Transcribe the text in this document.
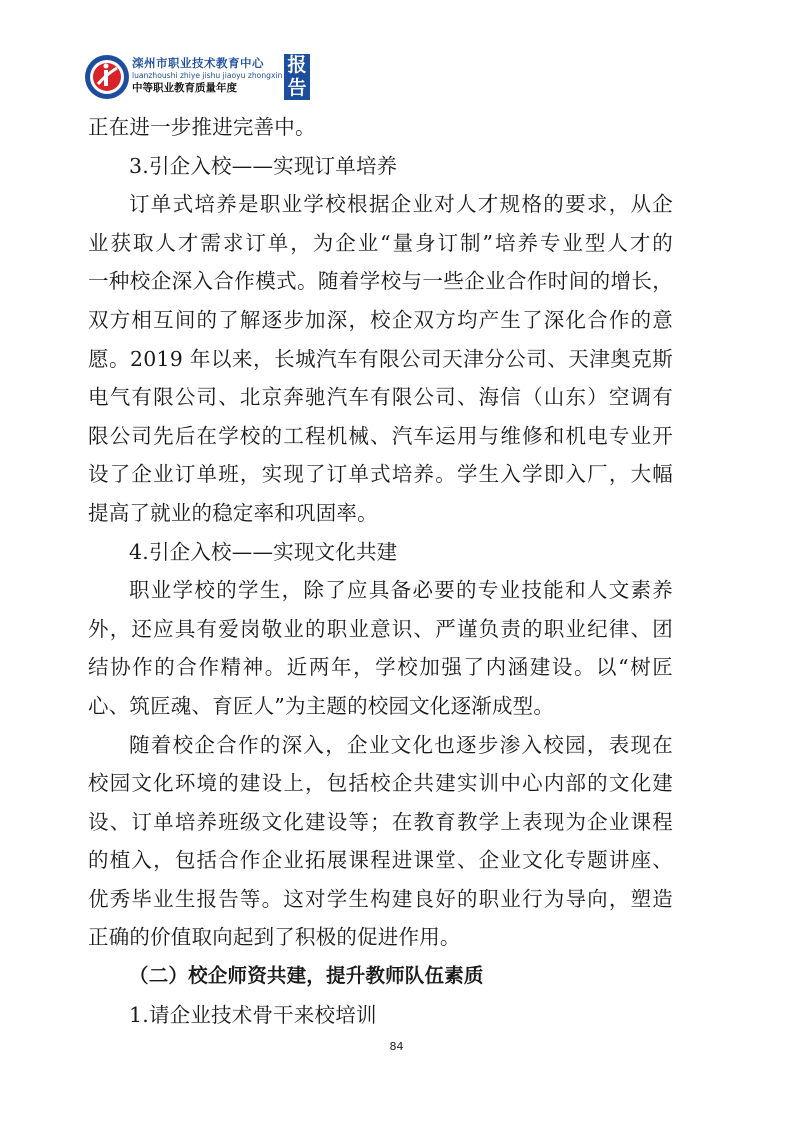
滦州市职业技术教育中心
luanzhoushi zhiye jishu jiaoyu zhongxin
中等职业教育质量年度
报
告
正在进一步推进完善中。
3.引企入校——实现订单培养
订单式培养是职业学校根据企业对人才规格的要求，从企
业获取人才需求订单，为企业“量身订制”培养专业型人才的
一种校企深入合作模式。随着学校与一些企业合作时间的增长，
双方相互间的了解逐步加深，校企双方均产生了深化合作的意
愿。2019 年以来，长城汽车有限公司天津分公司、天津奥克斯
电气有限公司、北京奔驰汽车有限公司、海信（山东）空调有
限公司先后在学校的工程机械、汽车运用与维修和机电专业开
设了企业订单班，实现了订单式培养。学生入学即入厂，大幅
提高了就业的稳定率和巩固率。
4.引企入校——实现文化共建
职业学校的学生，除了应具备必要的专业技能和人文素养
外，还应具有爱岗敬业的职业意识、严谨负责的职业纪律、团
结协作的合作精神。近两年，学校加强了内涵建设。以“树匠
心、筑匠魂、育匠人”为主题的校园文化逐渐成型。
随着校企合作的深入，企业文化也逐步渗入校园，表现在
校园文化环境的建设上，包括校企共建实训中心内部的文化建
设、订单培养班级文化建设等；在教育教学上表现为企业课程
的植入，包括合作企业拓展课程进课堂、企业文化专题讲座、
优秀毕业生报告等。这对学生构建良好的职业行为导向，塑造
正确的价值取向起到了积极的促进作用。
（二）校企师资共建，提升教师队伍素质
1.请企业技术骨干来校培训
84
